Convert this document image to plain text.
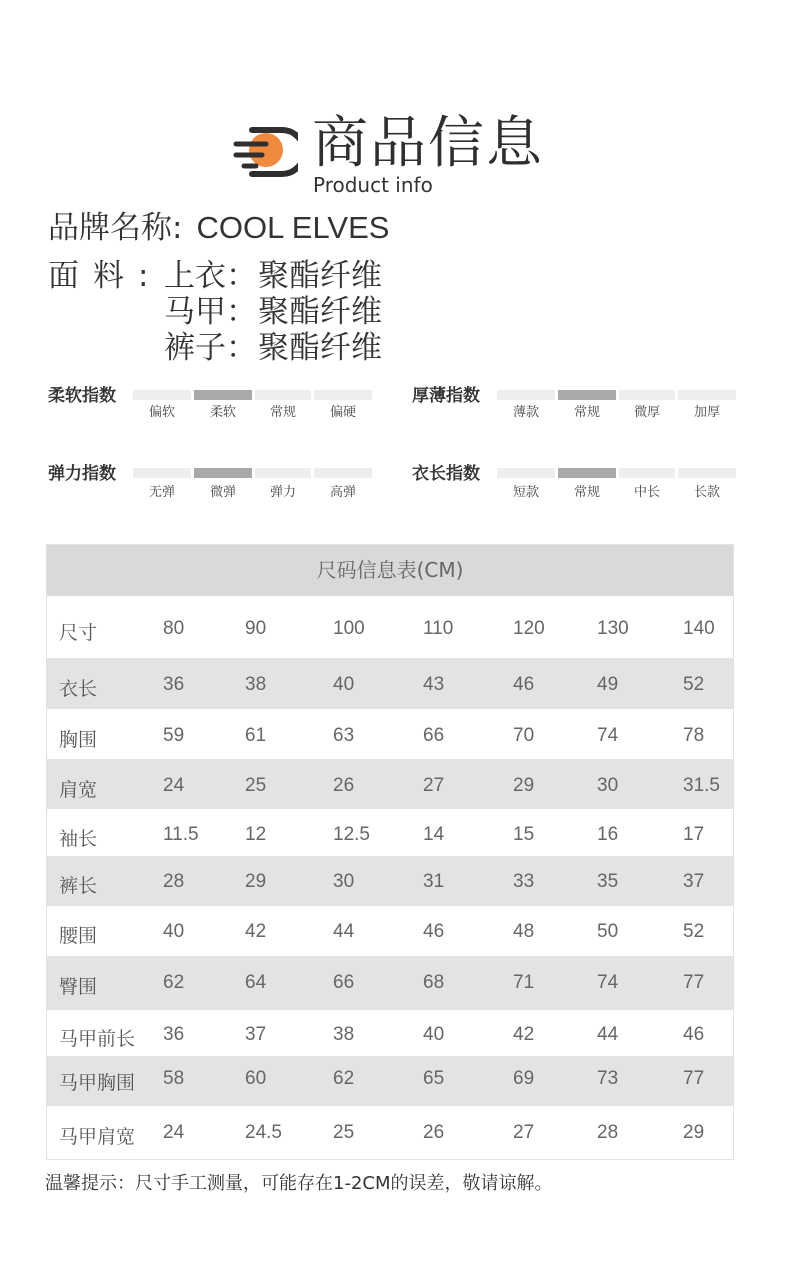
商品信息
Product info
品牌名称: COOL ELVES
面料: 上衣：聚酯纤维
马甲：聚酯纤维
裤子：聚酯纤维
柔软指数
偏软	柔软	常规	偏硬
厚薄指数
薄款	常规	微厚	加厚
弹力指数
无弹	微弹	弹力	高弹
衣长指数
短款	常规	中长	长款
尺码信息表(CM)
尺寸	80	90	100	110	120	130	140
衣长	36	38	40	43	46	49	52
胸围	59	61	63	66	70	74	78
肩宽	24	25	26	27	29	30	31.5
袖长	11.5 12	12.5	14	15	16	17
裤长	28	29	30	31	33	35	37
腰围	40	42	44	46	48	50	52
臀围	62	64	66	68	71	74	77
马甲前长 36	37	38	40	42	44	46
马甲胸围 58	60	62	65	69	73	77
马甲肩宽 24	24.5	25	26	27	28	29
温馨提示：尺寸手工测量，可能存在1-2CM的误差，敬请谅解。
